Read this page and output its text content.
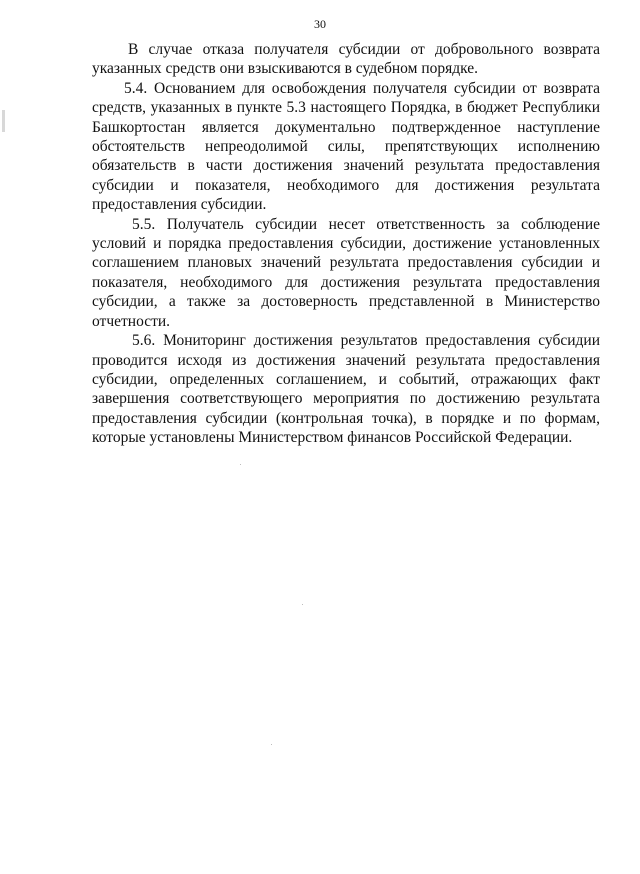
30

В случае отказа получателя субсидии от добровольного возврата указанных средств они взыскиваются в судебном порядке.

5.4. Основанием для освобождения получателя субсидии от возврата средств, указанных в пункте 5.3 настоящего Порядка, в бюджет Республики Башкортостан является документально подтвержденное наступление обстоятельств непреодолимой силы, препятствующих исполнению обязательств в части достижения значений результата предоставления субсидии и показателя, необходимого для достижения результата предоставления субсидии.

5.5. Получатель субсидии несет ответственность за соблюдение условий и порядка предоставления субсидии, достижение установленных соглашением плановых значений результата предоставления субсидии и показателя, необходимого для достижения результата предоставления субсидии, а также за достоверность представленной в Министерство отчетности.

5.6. Мониторинг достижения результатов предоставления субсидии проводится исходя из достижения значений результата предоставления субсидии, определенных соглашением, и событий, отражающих факт завершения соответствующего мероприятия по достижению результата предоставления субсидии (контрольная точка), в порядке и по формам, которые установлены Министерством финансов Российской Федерации.
